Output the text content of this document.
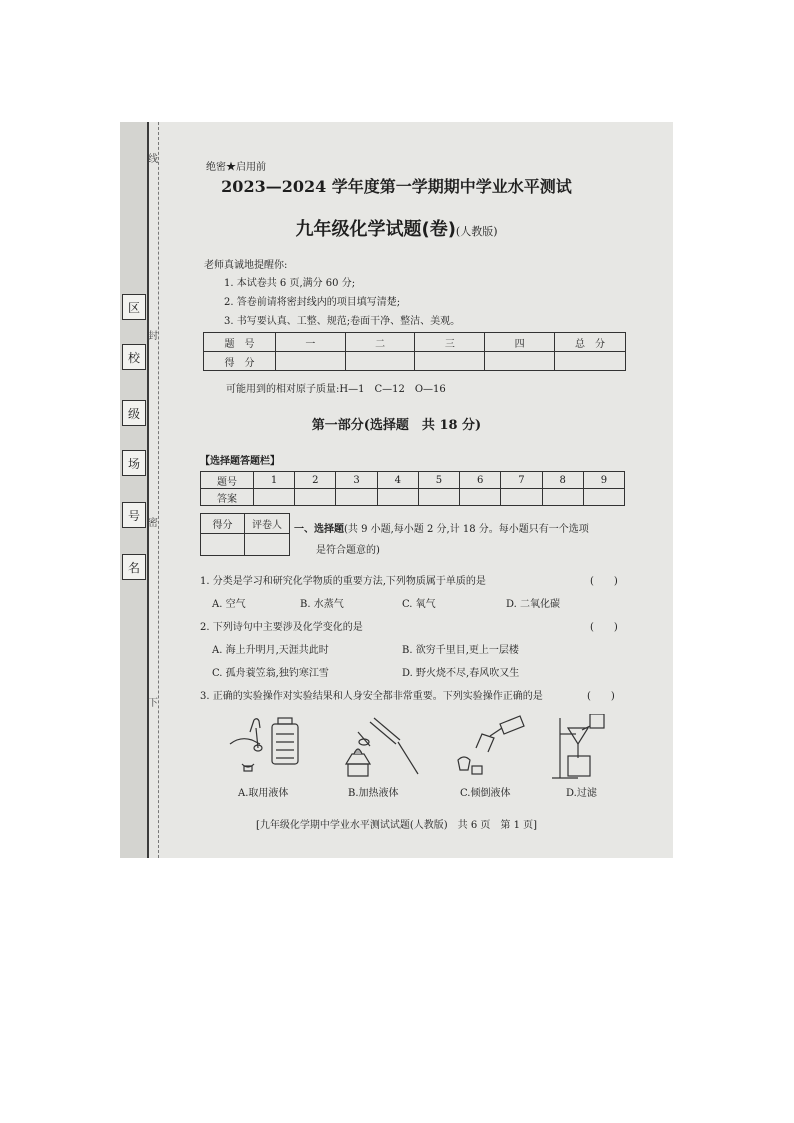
区
校
级
场
号
名
线
封
密
下
绝密★启用前
2023—2024 学年度第一学期期中学业水平测试
九年级化学试题(卷)(人教版)
老师真诚地提醒你:
1. 本试卷共 6 页,满分 60 分;
2. 答卷前请将密封线内的项目填写清楚;
3. 书写要认真、工整、规范;卷面干净、整洁、美观。
题　号	一	二	三	四	总　分
得　分					
可能用到的相对原子质量:H—1　C—12　O—16
第一部分(选择题　共 18 分)
【选择题答题栏】
题号	1	2	3	4	5	6	7	8	9
答案									
得分	评卷人
	一、选择题(共 9 小题,每小题 2 分,计 18 分。每小题只有一个选项
是符合题意的)
1. 分类是学习和研究化学物质的重要方法,下列物质属于单质的是	(　　)
A. 空气	B. 水蒸气	C. 氧气	D. 二氧化碳
2. 下列诗句中主要涉及化学变化的是	(　　)
A. 海上升明月,天涯共此时	B. 欲穷千里目,更上一层楼
C. 孤舟蓑笠翁,独钓寒江雪	D. 野火烧不尽,春风吹又生
3. 正确的实验操作对实验结果和人身安全都非常重要。下列实验操作正确的是	(　　)
A.取用液体	B.加热液体	C.倾倒液体	D.过滤
[九年级化学期中学业水平测试试题(人教版)　共 6 页　第 1 页]
